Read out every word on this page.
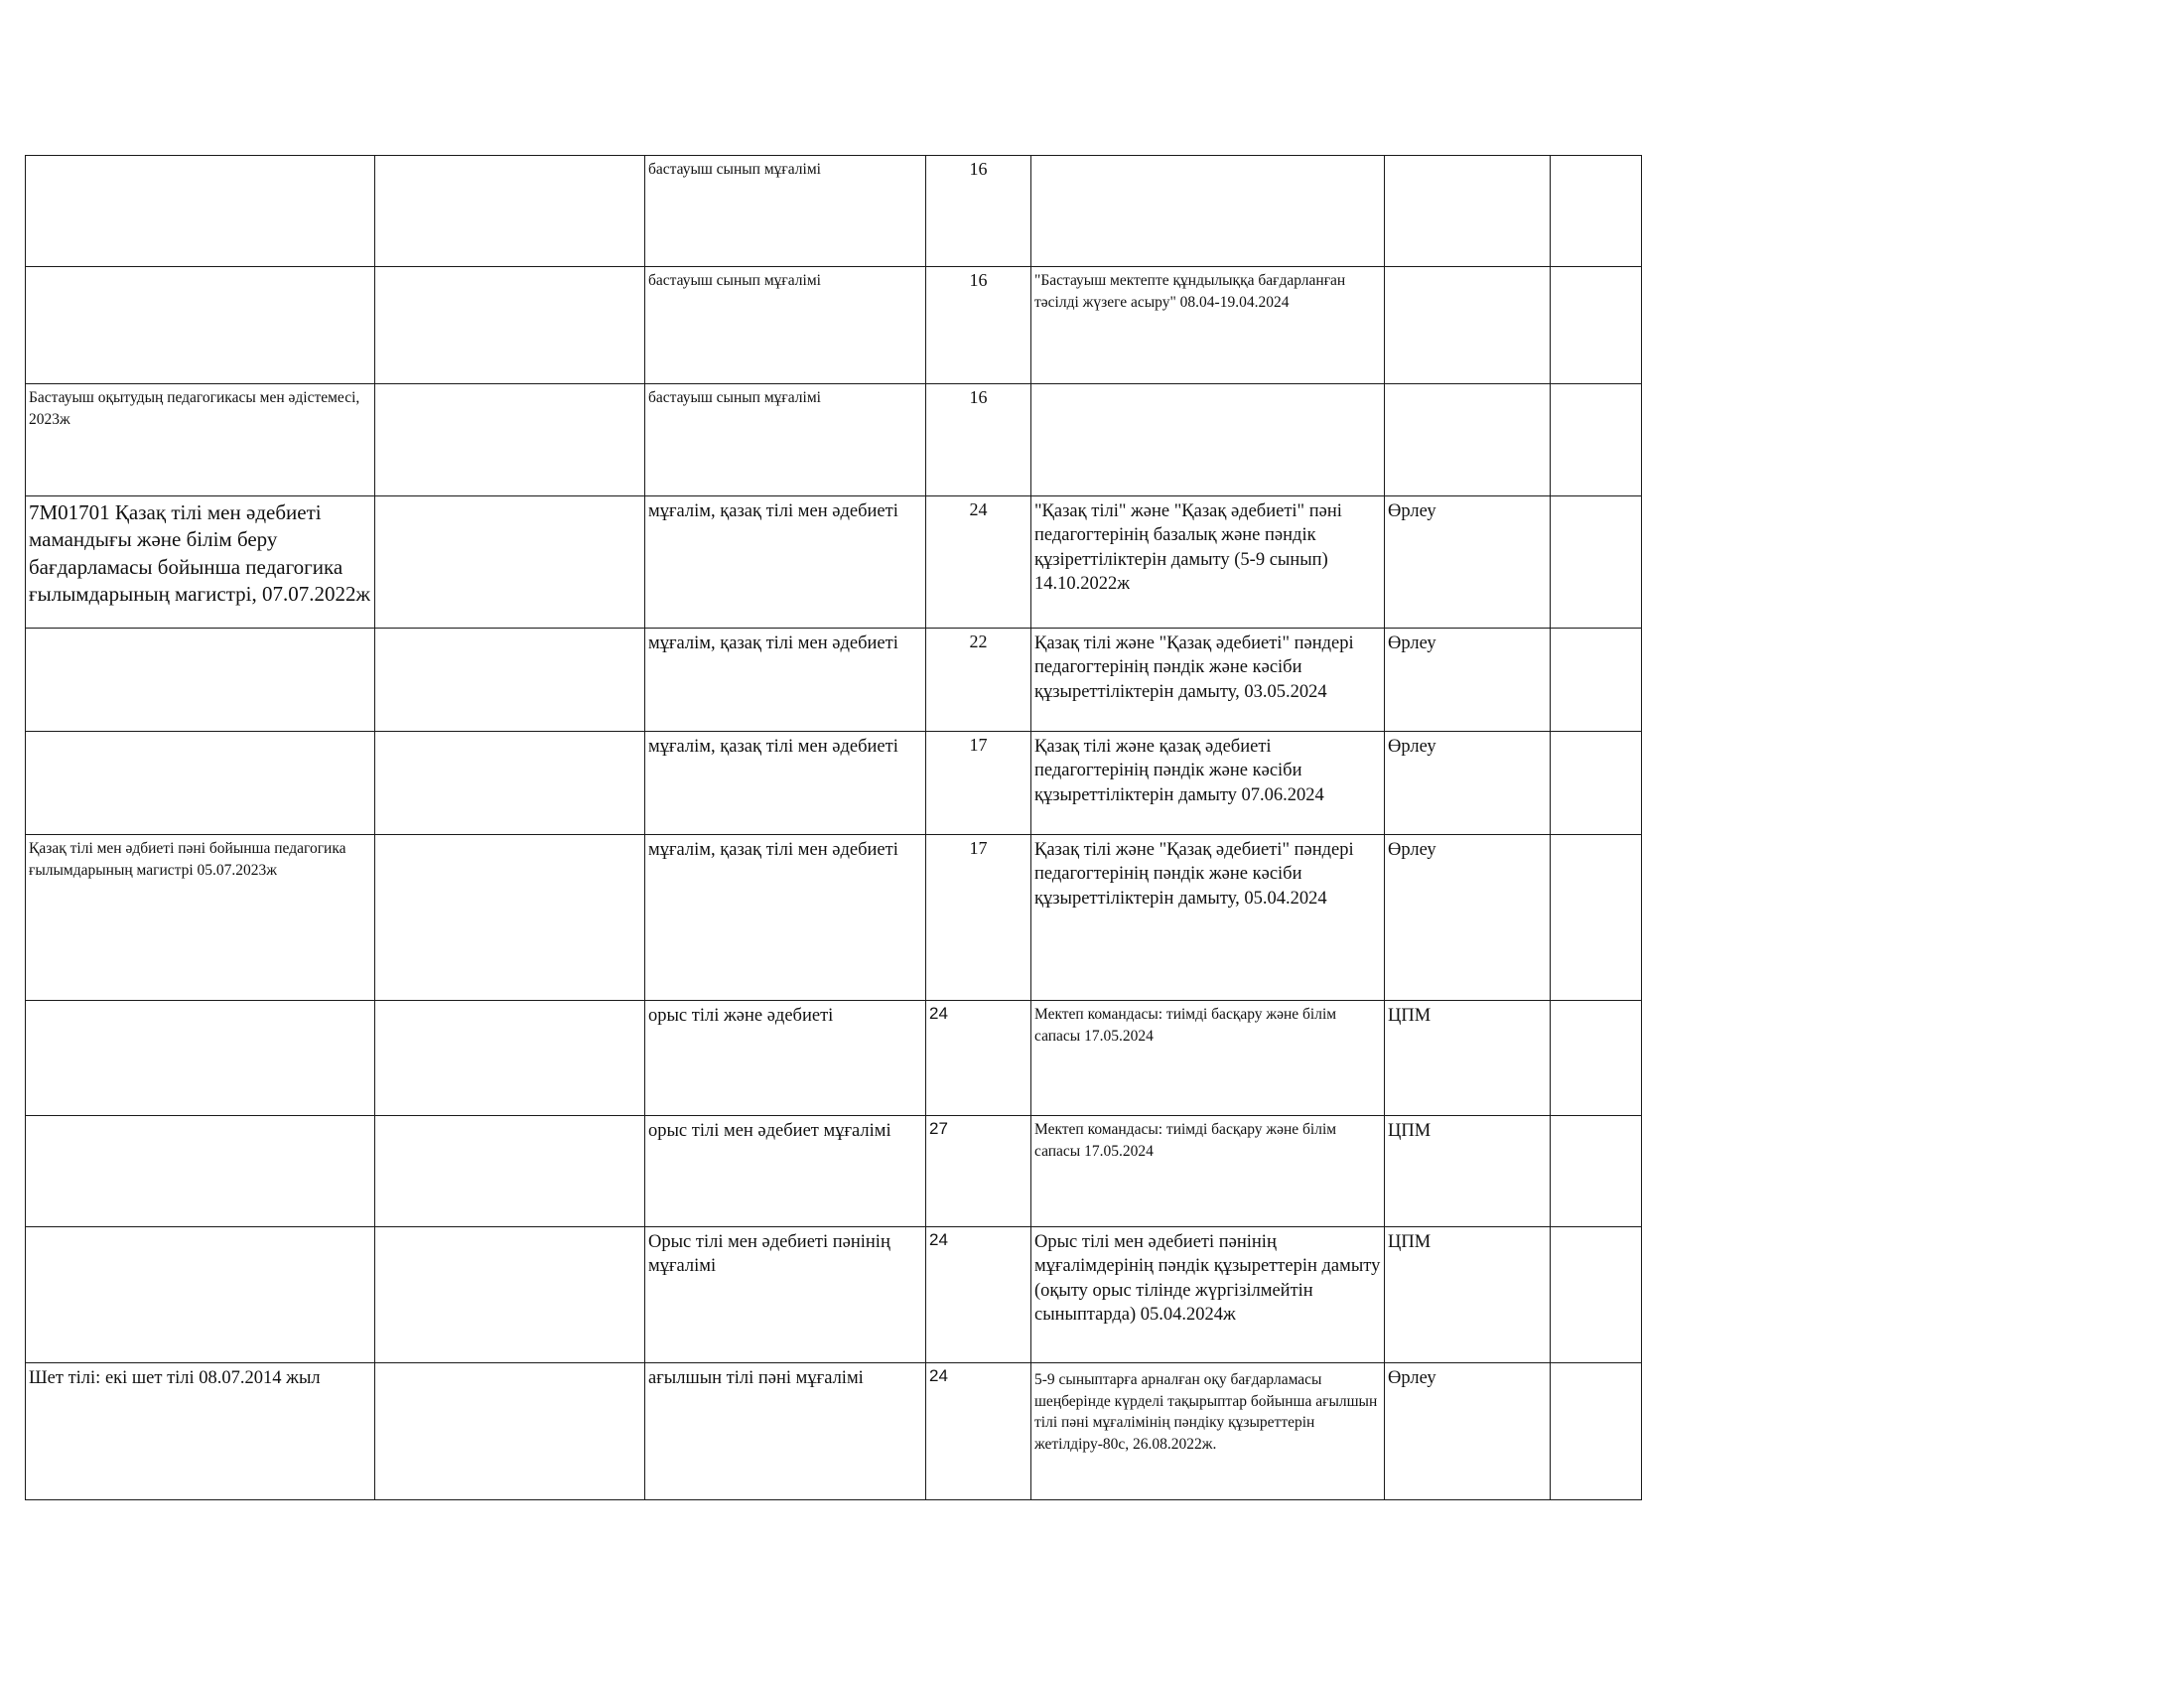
		бастауыш сынып мұғалімі	16			
		бастауыш сынып мұғалімі	16	"Бастауыш мектепте құндылыққа бағдарланған тәсілді жүзеге асыру" 08.04-19.04.2024		
Бастауыш оқытудың педагогикасы мен әдістемесі, 2023ж		бастауыш сынып мұғалімі	16			
7М01701 Қазақ тілі мен әдебиеті мамандығы және білім беру бағдарламасы бойынша педагогика ғылымдарының магистрі, 07.07.2022ж		мұғалім, қазақ тілі мен әдебиеті	24	"Қазақ тілі" және "Қазақ әдебиеті" пәні педагогтерінің базалық және пәндік құзіреттіліктерін дамыту (5-9 сынып) 14.10.2022ж	Өрлеу	
		мұғалім, қазақ тілі мен әдебиеті	22	Қазақ тілі және "Қазақ әдебиеті" пәндері педагогтерінің пәндік және кәсіби құзыреттіліктерін дамыту, 03.05.2024	Өрлеу	
		мұғалім, қазақ тілі мен әдебиеті	17	Қазақ тілі және қазақ әдебиеті педагогтерінің пәндік және кәсіби құзыреттіліктерін дамыту 07.06.2024	Өрлеу	
Қазақ тілі мен әдбиеті пәні бойынша педагогика ғылымдарының магистрі 05.07.2023ж		мұғалім, қазақ тілі мен әдебиеті	17	Қазақ тілі және "Қазақ әдебиеті" пәндері педагогтерінің пәндік және кәсіби құзыреттіліктерін дамыту, 05.04.2024	Өрлеу	
		орыс тілі және әдебиеті	24	Мектеп командасы: тиімді басқару және білім сапасы 17.05.2024	ЦПМ	
		орыс тілі мен әдебиет мұғалімі	27	Мектеп командасы: тиімді басқару және білім сапасы 17.05.2024	ЦПМ	
		Орыс тілі мен әдебиеті пәнінің мұғалімі	24	Орыс тілі мен әдебиеті пәнінің мұғалімдерінің пәндік құзыреттерін дамыту (оқыту орыс тілінде жүргізілмейтін сыныптарда) 05.04.2024ж	ЦПМ	
Шет тілі: екі шет тілі 08.07.2014 жыл		ағылшын тілі пәні мұғалімі	24	5-9 сыныптарға арналған оқу бағдарламасы шеңберінде күрделі тақырыптар бойынша ағылшын тілі пәні мұғалімінің пәндіку құзыреттерін жетілдіру-80с, 26.08.2022ж.	Өрлеу	
